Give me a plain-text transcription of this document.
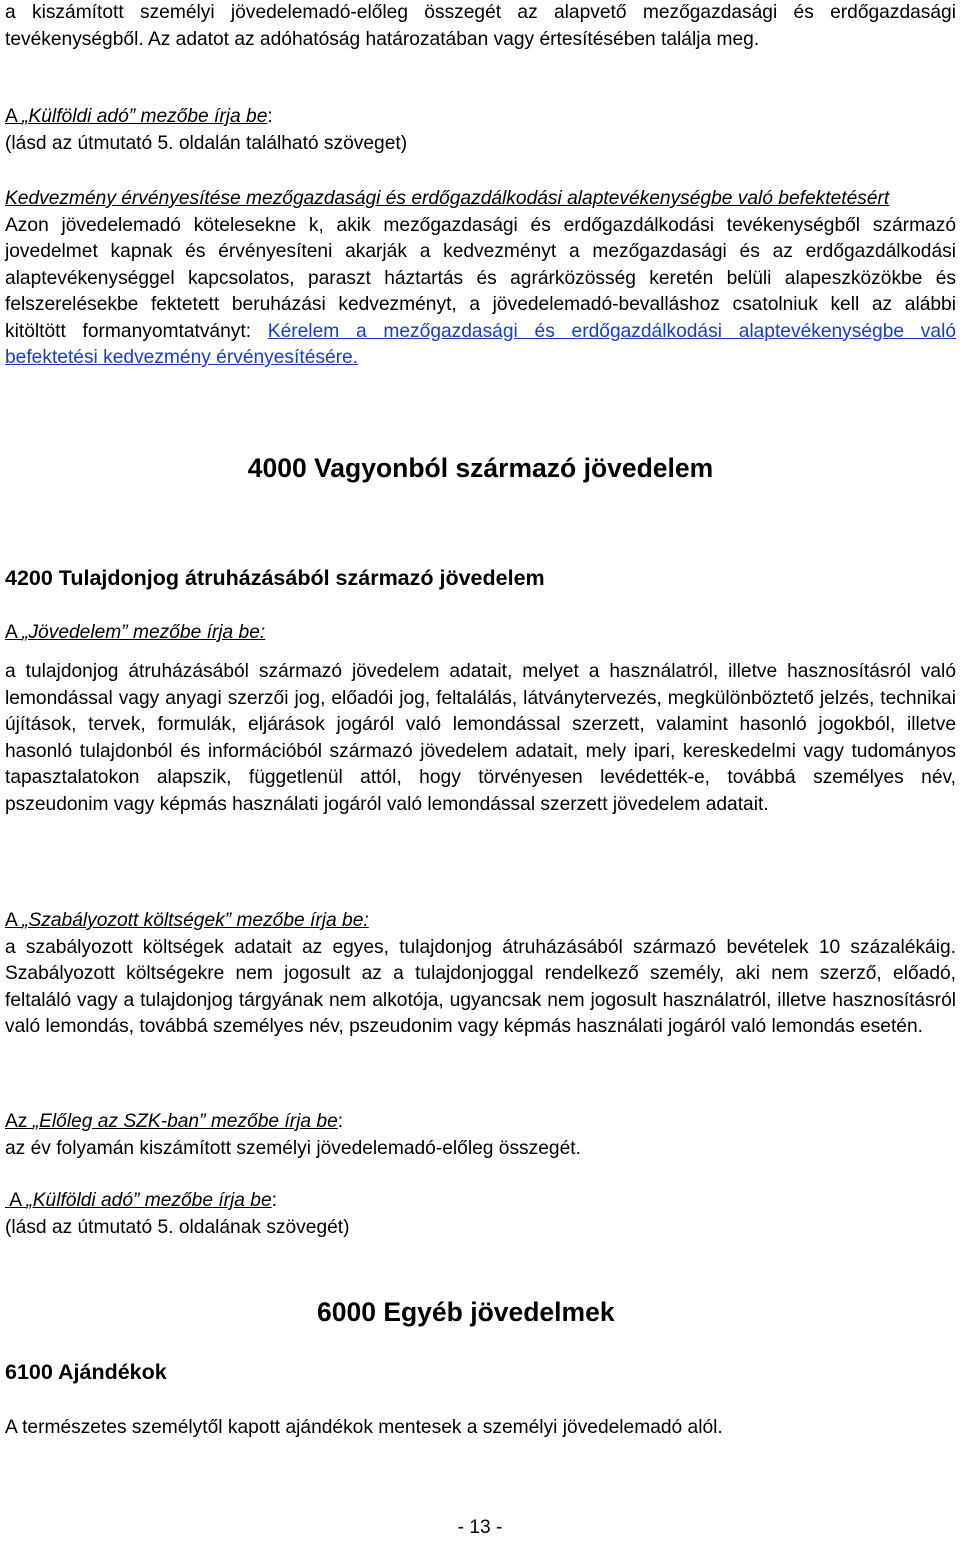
a kiszámított személyi jövedelemadó-előleg összegét az alapvető mezőgazdasági és erdőgazdasági tevékenységből. Az adatot az adóhatóság határozatában vagy értesítésében találja meg.

A „Külföldi adó” mezőbe írja be:

(lásd az útmutató 5. oldalán található szöveget)

Kedvezmény érvényesítése mezőgazdasági és erdőgazdálkodási alaptevékenységbe való befektetésért

Azon jövedelemadó kötelesekne k, akik mezőgazdasági és erdőgazdálkodási tevékenységből származó jovedelmet kapnak és érvényesíteni akarják a kedvezményt a mezőgazdasági és az erdőgazdálkodási alaptevékenységgel kapcsolatos, paraszt háztartás és agrárközösség keretén belüli alapeszközökbe és felszerelésekbe fektetett beruházási kedvezményt, a jövedelemadó-bevalláshoz csatolniuk kell az alábbi kitöltött formanyomtatványt: Kérelem a mezőgazdasági és erdőgazdálkodási alaptevékenységbe való befektetési kedvezmény érvényesítésére.

4000 Vagyonból származó jövedelem

4200 Tulajdonjog átruházásából származó jövedelem

A „Jövedelem” mezőbe írja be:

a tulajdonjog átruházásából származó jövedelem adatait, melyet a használatról, illetve hasznosításról való lemondással vagy anyagi szerzői jog, előadói jog, feltalálás, látványtervezés, megkülönböztető jelzés, technikai újítások, tervek, formulák, eljárások jogáról való lemondással szerzett, valamint hasonló jogokból, illetve hasonló tulajdonból és információból származó jövedelem adatait, mely ipari, kereskedelmi vagy tudományos tapasztalatokon alapszik, függetlenül attól, hogy törvényesen levédették-e, továbbá személyes név, pszeudonim vagy képmás használati jogáról való lemondással szerzett jövedelem adatait.

A „Szabályozott költségek” mezőbe írja be:

a szabályozott költségek adatait az egyes, tulajdonjog átruházásából származó bevételek 10 százalékáig. Szabályozott költségekre nem jogosult az a tulajdonjoggal rendelkező személy, aki nem szerző, előadó, feltaláló vagy a tulajdonjog tárgyának nem alkotója, ugyancsak nem jogosult használatról, illetve hasznosításról való lemondás, továbbá személyes név, pszeudonim vagy képmás használati jogáról való lemondás esetén.

Az „Előleg az SZK-ban” mezőbe írja be:

az év folyamán kiszámított személyi jövedelemadó-előleg összegét.

A „Külföldi adó” mezőbe írja be:

(lásd az útmutató 5. oldalának szövegét)

6000 Egyéb jövedelmek

6100 Ajándékok

A természetes személytől kapott ajándékok mentesek a személyi jövedelemadó alól.

- 13 -
